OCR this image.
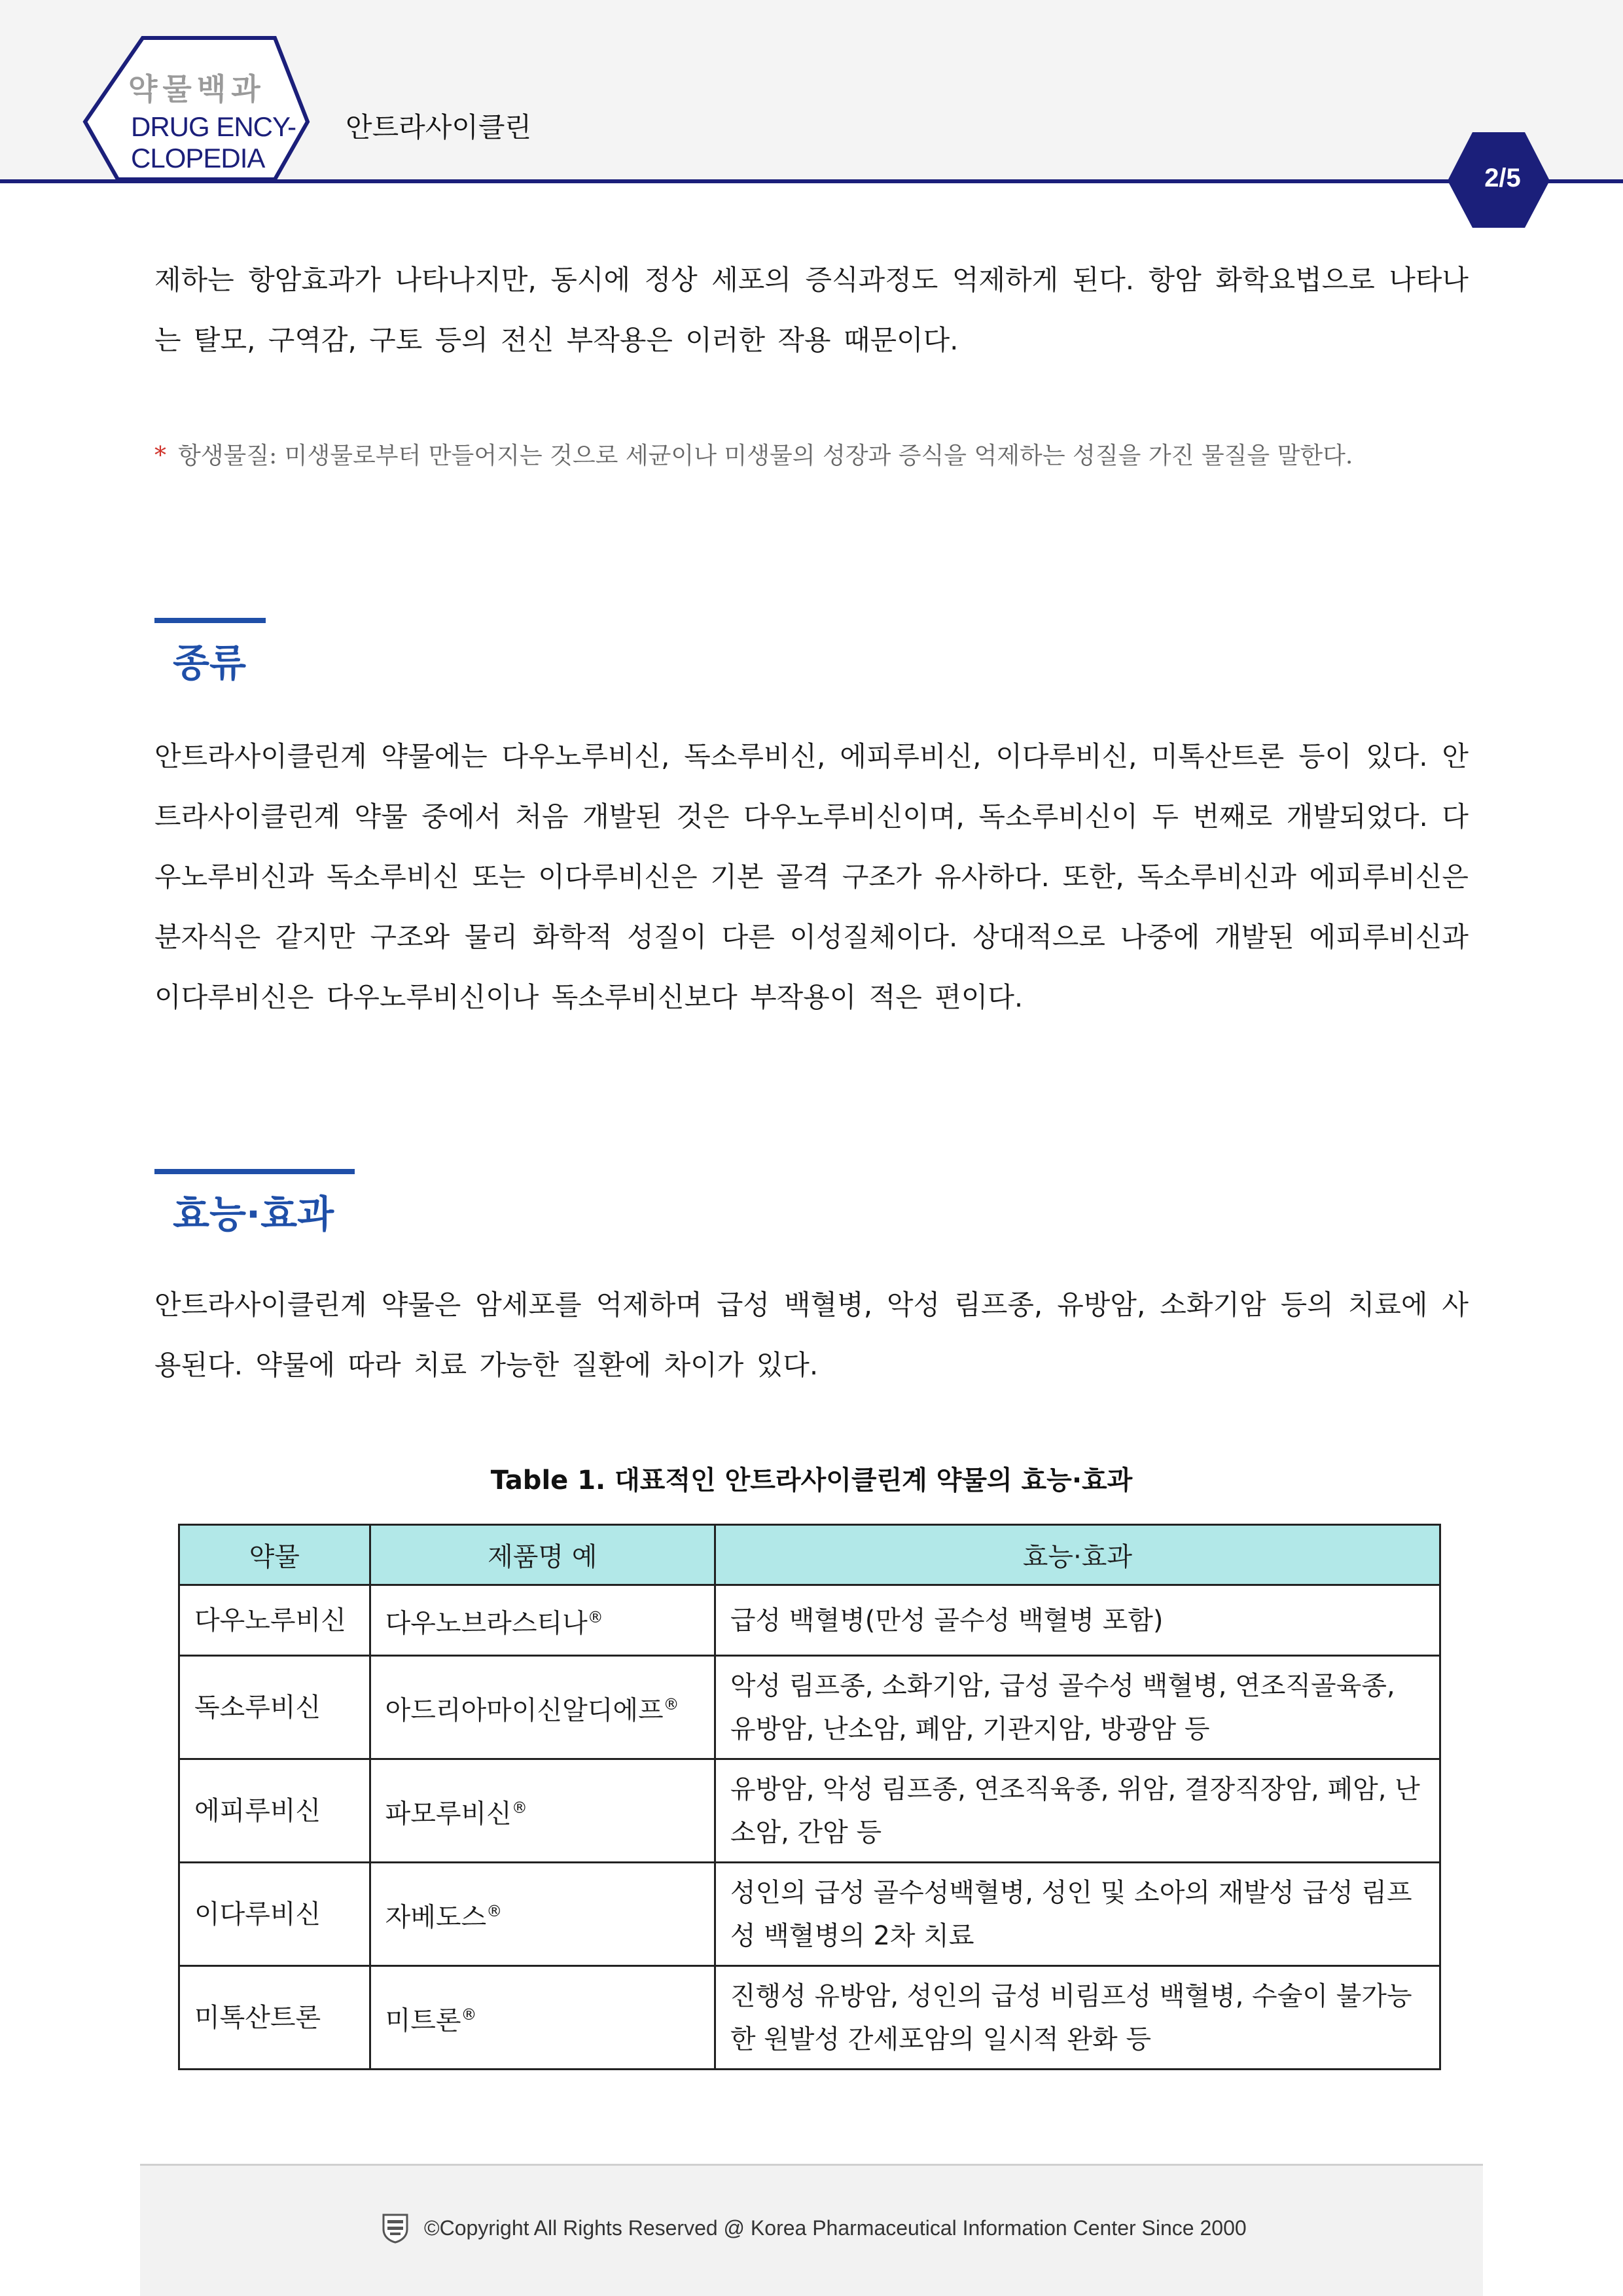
약물백과
DRUG ENCY-
CLOPEDIA
안트라사이클린
2/5

제하는 항암효과가 나타나지만, 동시에 정상 세포의 증식과정도 억제하게 된다. 항암 화학요법으로 나타나는 탈모, 구역감, 구토 등의 전신 부작용은 이러한 작용 때문이다.

* 항생물질: 미생물로부터 만들어지는 것으로 세균이나 미생물의 성장과 증식을 억제하는 성질을 가진 물질을 말한다.
종류

안트라사이클린계 약물에는 다우노루비신, 독소루비신, 에피루비신, 이다루비신, 미톡산트론 등이 있다. 안트라사이클린계 약물 중에서 처음 개발된 것은 다우노루비신이며, 독소루비신이 두 번째로 개발되었다. 다우노루비신과 독소루비신 또는 이다루비신은 기본 골격 구조가 유사하다. 또한, 독소루비신과 에피루비신은 분자식은 같지만 구조와 물리 화학적 성질이 다른 이성질체이다. 상대적으로 나중에 개발된 에피루비신과 이다루비신은 다우노루비신이나 독소루비신보다 부작용이 적은 편이다.

효능·효과

안트라사이클린계 약물은 암세포를 억제하며 급성 백혈병, 악성 림프종, 유방암, 소화기암 등의 치료에 사용된다. 약물에 따라 치료 가능한 질환에 차이가 있다.

Table 1. 대표적인 안트라사이클린계 약물의 효능·효과
약물	제품명 예	효능·효과
다우노루비신	다우노브라스티나®	급성 백혈병(만성 골수성 백혈병 포함)
독소루비신	아드리아마이신알디에프®	악성 림프종, 소화기암, 급성 골수성 백혈병, 연조직골육종, 유방암, 난소암, 폐암, 기관지암, 방광암 등
에피루비신	파모루비신®	유방암, 악성 림프종, 연조직육종, 위암, 결장직장암, 폐암, 난소암, 간암 등
이다루비신	자베도스®	성인의 급성 골수성백혈병, 성인 및 소아의 재발성 급성 림프성 백혈병의 2차 치료
미톡산트론	미트론®	진행성 유방암, 성인의 급성 비림프성 백혈병, 수술이 불가능한 원발성 간세포암의 일시적 완화 등
©Copyright All Rights Reserved @ Korea Pharmaceutical Information Center Since 2000
